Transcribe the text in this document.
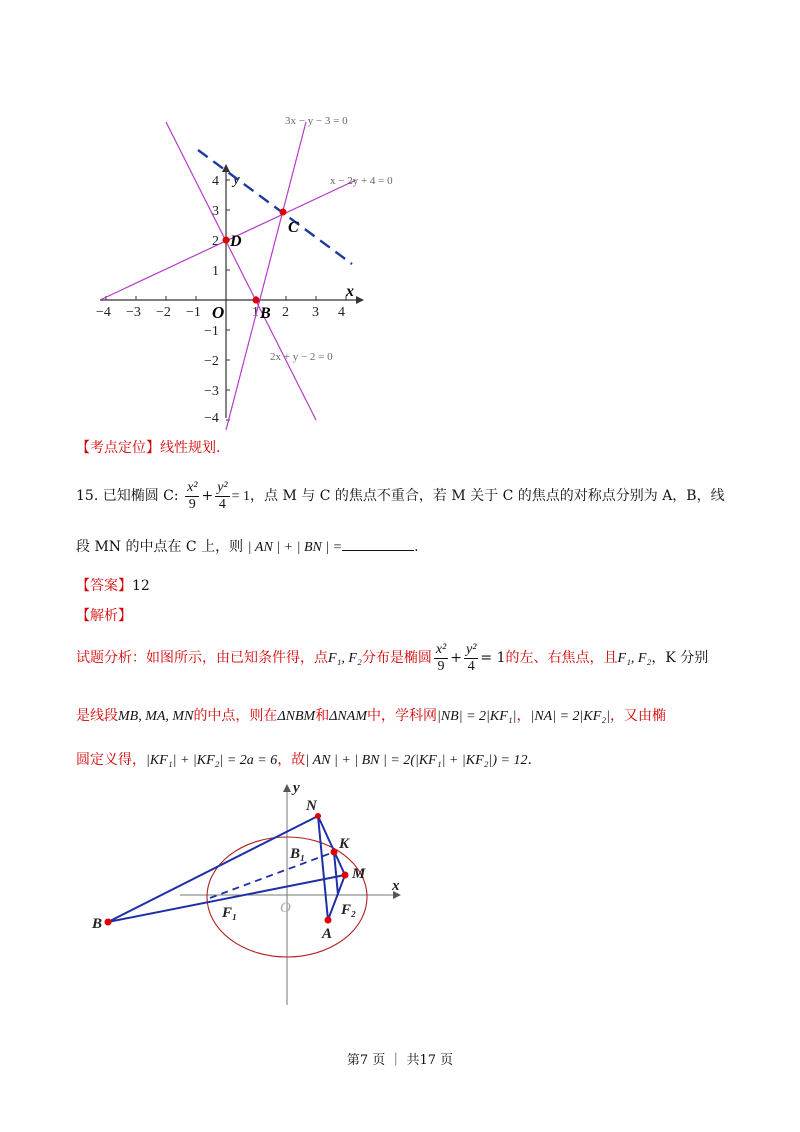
−4 −3 −2 −1	1 2 3 4
4
3
2
1
−1
−2
−3
−4
x
y
O
3x − y − 3 = 0
x − 2y + 4 = 0
2x + y − 2 = 0
C
D
B
【考点定位】线性规划.
15. 已知椭圆 C: $\frac{\text{x²}}{9} + \frac{\text{y²}}{4} = 1$，点 M 与 C 的焦点不重合，若 M 关于 C 的焦点的对称点分别为 A，B，线
段 MN 的中点在 C 上，则 | AN | + | BN | =	.
【答案】12
【解析】
试题分析：如图所示，由已知条件得，点F₁, F₂分布是椭圆 $\frac{\text{x²}}{9} + \frac{\text{y²}}{4} = 1$的左、右焦点，且F₁, F₂，K 分别
是线段MB, MA, MN的中点，则在ΔNBM和ΔNAM中，学科网|NB| = 2|KF₁|，|NA| = 2|KF₂|，又由椭
圆定义得，|KF₁| + |KF₂| = 2a = 6，故| AN | + | BN | = 2(|KF₁| + |KF₂|) = 12.
y
x
N
K
B₁
M
F₁	F₂
O
A
B
第7 页 ｜ 共17 页
